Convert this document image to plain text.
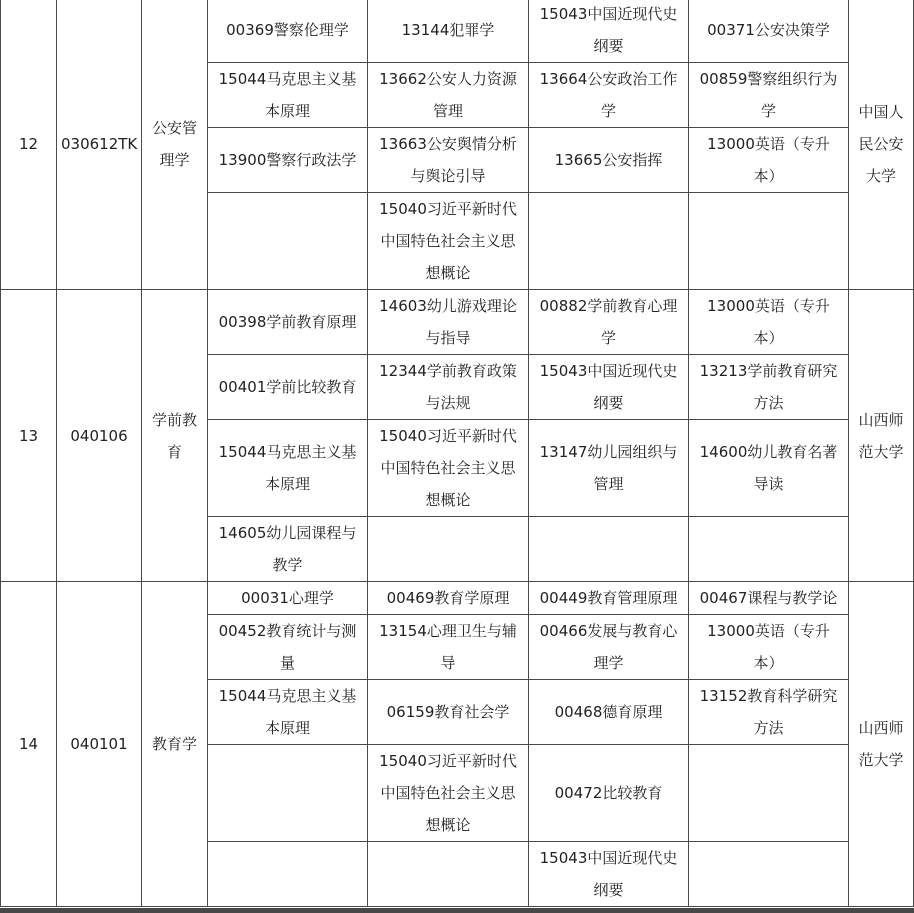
12	030612TK	公安管理学	00369警察伦理学	13144犯罪学	15043中国近现代史纲要	00371公安决策学	中国人民公安大学
			15044马克思主义基本原理	13662公安人力资源管理	13664公安政治工作学	00859警察组织行为学	
			13900警察行政法学	13663公安舆情分析与舆论引导	13665公安指挥	13000英语（专升本）	
				15040习近平新时代中国特色社会主义思想概论			
13	040106	学前教育	00398学前教育原理	14603幼儿游戏理论与指导	00882学前教育心理学	13000英语（专升本）	山西师范大学
			00401学前比较教育	12344学前教育政策与法规	15043中国近现代史纲要	13213学前教育研究方法	
			15044马克思主义基本原理	15040习近平新时代中国特色社会主义思想概论	13147幼儿园组织与管理	14600幼儿教育名著导读	
			14605幼儿园课程与教学				
14	040101	教育学	00031心理学	00469教育学原理	00449教育管理原理	00467课程与教学论	山西师范大学
			00452教育统计与测量	13154心理卫生与辅导	00466发展与教育心理学	13000英语（专升本）	
			15044马克思主义基本原理	06159教育社会学	00468德育原理	13152教育科学研究方法	
				15040习近平新时代中国特色社会主义思想概论	00472比较教育		
					15043中国近现代史纲要		
